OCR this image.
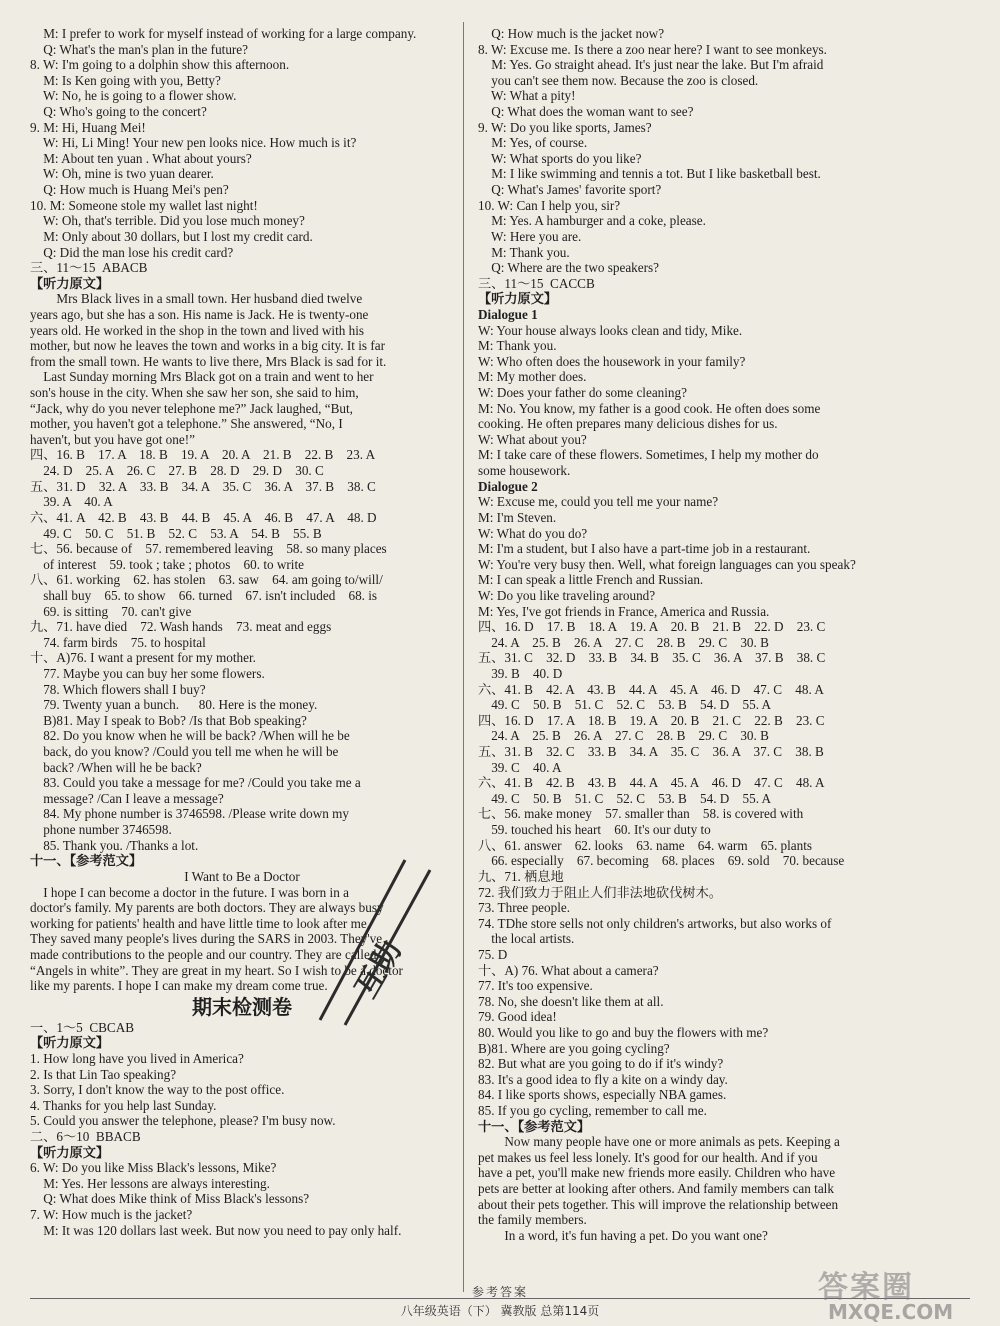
M: I prefer to work for myself instead of working for a large company.
Q: What's the man's plan in the future?
8. W: I'm going to a dolphin show this afternoon.
M: Is Ken going with you, Betty?
W: No, he is going to a flower show.
Q: Who's going to the concert?
9. M: Hi, Huang Mei!
W: Hi, Li Ming! Your new pen looks nice. How much is it?
M: About ten yuan . What about yours?
W: Oh, mine is two yuan dearer.
Q: How much is Huang Mei's pen?
10. M: Someone stole my wallet last night!
W: Oh, that's terrible. Did you lose much money?
M: Only about 30 dollars, but I lost my credit card.
Q: Did the man lose his credit card?
三、11～15  ABACB
【听力原文】
Mrs Black lives in a small town. Her husband died twelve
years ago, but she has a son. His name is Jack. He is twenty-one
years old. He worked in the shop in the town and lived with his
mother, but now he leaves the town and works in a big city. It is far
from the small town. He wants to live there, Mrs Black is sad for it.
Last Sunday morning Mrs Black got on a train and went to her
son's house in the city. When she saw her son, she said to him,
“Jack, why do you never telephone me?” Jack laughed, “But,
mother, you haven't got a telephone.” She answered, “No, I
haven't, but you have got one!”
四、16. B    17. A    18. B    19. A    20. A    21. B    22. B    23. A
24. D    25. A    26. C    27. B    28. D    29. D    30. C
五、31. D    32. A    33. B    34. A    35. C    36. A    37. B    38. C
39. A    40. A
六、41. A    42. B    43. B    44. B    45. A    46. B    47. A    48. D
49. C    50. C    51. B    52. C    53. A    54. B    55. B
七、56. because of    57. remembered leaving    58. so many places
of interest    59. took ; take ; photos    60. to write
八、61. working    62. has stolen    63. saw    64. am going to/will/
shall buy    65. to show    66. turned    67. isn't included    68. is
69. is sitting    70. can't give
九、71. have died    72. Wash hands    73. meat and eggs
74. farm birds    75. to hospital
十、A)76. I want a present for my mother.
77. Maybe you can buy her some flowers.
78. Which flowers shall I buy?
79. Twenty yuan a bunch.      80. Here is the money.
B)81. May I speak to Bob? /Is that Bob speaking?
82. Do you know when he will be back? /When will he be
back, do you know? /Could you tell me when he will be
back? /When will he be back?
83. Could you take a message for me? /Could you take me a
message? /Can I leave a message?
84. My phone number is 3746598. /Please write down my
phone number 3746598.
85. Thank you. /Thanks a lot.
十一、【参考范文】
I Want to Be a Doctor
I hope I can become a doctor in the future. I was born in a
doctor's family. My parents are both doctors. They are always busy
working for patients' health and have little time to look after me.
They saved many people's lives during the SARS in 2003. They've
made contributions to the people and our country. They are called
“Angels in white”. They are great in my heart. So I wish to be a doctor
like my parents. I hope I can make my dream come true.
期末检测卷
一、1～5  CBCAB
【听力原文】
1. How long have you lived in America?
2. Is that Lin Tao speaking?
3. Sorry, I don't know the way to the post office.
4. Thanks for you help last Sunday.
5. Could you answer the telephone, please? I'm busy now.
二、6～10  BBACB
【听力原文】
6. W: Do you like Miss Black's lessons, Mike?
M: Yes. Her lessons are always interesting.
Q: What does Mike think of Miss Black's lessons?
7. W: How much is the jacket?
M: It was 120 dollars last week. But now you need to pay only half.
Q: How much is the jacket now?
8. W: Excuse me. Is there a zoo near here? I want to see monkeys.
M: Yes. Go straight ahead. It's just near the lake. But I'm afraid
you can't see them now. Because the zoo is closed.
W: What a pity!
Q: What does the woman want to see?
9. W: Do you like sports, James?
M: Yes, of course.
W: What sports do you like?
M: I like swimming and tennis a tot. But I like basketball best.
Q: What's James' favorite sport?
10. W: Can I help you, sir?
M: Yes. A hamburger and a coke, please.
W: Here you are.
M: Thank you.
Q: Where are the two speakers?
三、11～15  CACCB
【听力原文】
Dialogue 1
W: Your house always looks clean and tidy, Mike.
M: Thank you.
W: Who often does the housework in your family?
M: My mother does.
W: Does your father do some cleaning?
M: No. You know, my father is a good cook. He often does some
cooking. He often prepares many delicious dishes for us.
W: What about you?
M: I take care of these flowers. Sometimes, I help my mother do
some housework.
Dialogue 2
W: Excuse me, could you tell me your name?
M: I'm Steven.
W: What do you do?
M: I'm a student, but I also have a part-time job in a restaurant.
W: You're very busy then. Well, what foreign languages can you speak?
M: I can speak a little French and Russian.
W: Do you like traveling around?
M: Yes, I've got friends in France, America and Russia.
四、16. D    17. B    18. A    19. A    20. B    21. B    22. D    23. C
24. A    25. B    26. A    27. C    28. B    29. C    30. B
五、31. C    32. D    33. B    34. B    35. C    36. A    37. B    38. C
39. B    40. D
六、41. B    42. A    43. B    44. A    45. A    46. D    47. C    48. A
49. C    50. B    51. C    52. C    53. B    54. D    55. A
四、16. D    17. A    18. B    19. A    20. B    21. C    22. B    23. C
24. A    25. B    26. A    27. C    28. B    29. C    30. B
五、31. B    32. C    33. B    34. A    35. C    36. A    37. C    38. B
39. C    40. A
六、41. B    42. B    43. B    44. A    45. A    46. D    47. C    48. A
49. C    50. B    51. C    52. C    53. B    54. D    55. A
七、56. make money    57. smaller than    58. is covered with
59. touched his heart    60. It's our duty to
八、61. answer    62. looks    63. name    64. warm    65. plants
66. especially    67. becoming    68. places    69. sold    70. because
九、71. 栖息地
72. 我们致力于阻止人们非法地砍伐树木。
73. Three people.
74. TDhe store sells not only children's artworks, but also works of
the local artists.
75. D
十、A) 76. What about a camera?
77. It's too expensive.
78. No, she doesn't like them at all.
79. Good idea!
80. Would you like to go and buy the flowers with me?
B)81. Where are you going cycling?
82. But what are you going to do if it's windy?
83. It's a good idea to fly a kite on a windy day.
84. I like sports shows, especially NBA games.
85. If you go cycling, remember to call me.
十一、【参考范文】
Now many people have one or more animals as pets. Keeping a
pet makes us feel less lonely. It's good for our health. And if you
have a pet, you'll make new friends more easily. Children who have
pets are better at looking after others. And family members can talk
about their pets together. This will improve the relationship between
the family members.
In a word, it's fun having a pet. Do you want one?
互助
参考答案
八年级英语（下） 冀教版 总第114页
答案圈
MXQE.COM
